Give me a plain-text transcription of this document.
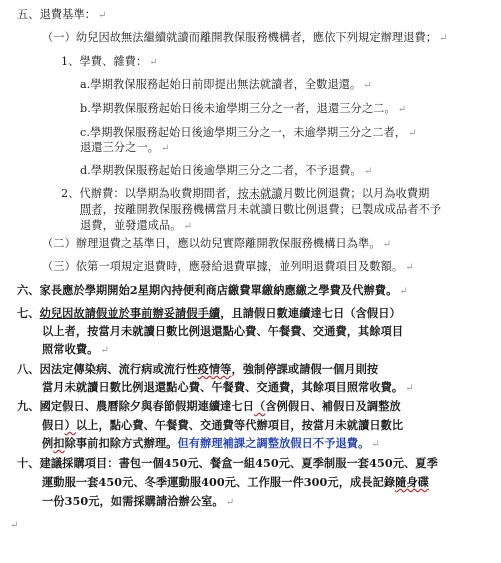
五、退費基準： ↵
（一）幼兒因故無法繼續就讀而離開教保服務機構者，應依下列規定辦理退費； ↵
1、學費、雜費： ↵
a.學期教保服務起始日前即提出無法就讀者，全數退還。 ↵
b.學期教保服務起始日後未逾學期三分之一者，退還三分之二。 ↵
c.學期教保服務起始日後逾學期三分之一，未逾學期三分之二者， ↵
退還三分之一。 ↵
d.學期教保服務起始日後逾學期三分之二者，不予退費。 ↵
2、代辦費：以學期為收費期間者，按未就讀月數比例退費；以月為收費期
間者，按離開教保服務機構當月未就讀日數比例退費；已製成成品者不予
退費，並發還成品。 ↵
（二）辦理退費之基準日，應以幼兒實際離開教保服務機構日為準。 ↵
（三）依第一項規定退費時，應發給退費單據，並列明退費項目及數額。 ↵
六、家長應於學期開始2星期內持便利商店繳費單繳納應繳之學費及代辦費。 ↵
七、幼兒因故請假並於事前辦妥請假手續，且請假日數連續達七日（含假日）
以上者，按當月未就讀日數比例退還點心費、午餐費、交通費，其餘項目
照常收費。 ↵
八、因法定傳染病、流行病或流行性疫情等，強制停課或請假一個月則按
當月未就讀日數比例退還點心費、午餐費、交通費，其餘項目照常收費。 ↵
九、國定假日、農曆除夕與春節假期連續達七日（含例假日、補假日及調整放
假日）以上，點心費、午餐費、交通費等代辦項目，按當月未就讀日數比
例扣除事前扣除方式辦理。但有辦理補課之調整放假日不予退費。 ↵
十、建議採購項目：書包一個450元、餐盒一組450元、夏季制服一套450元、夏季
運動服一套450元、冬季運動服400元、工作服一件300元，成長記錄隨身碟
一份350元，如需採購請洽辦公室。 ↵
↵
